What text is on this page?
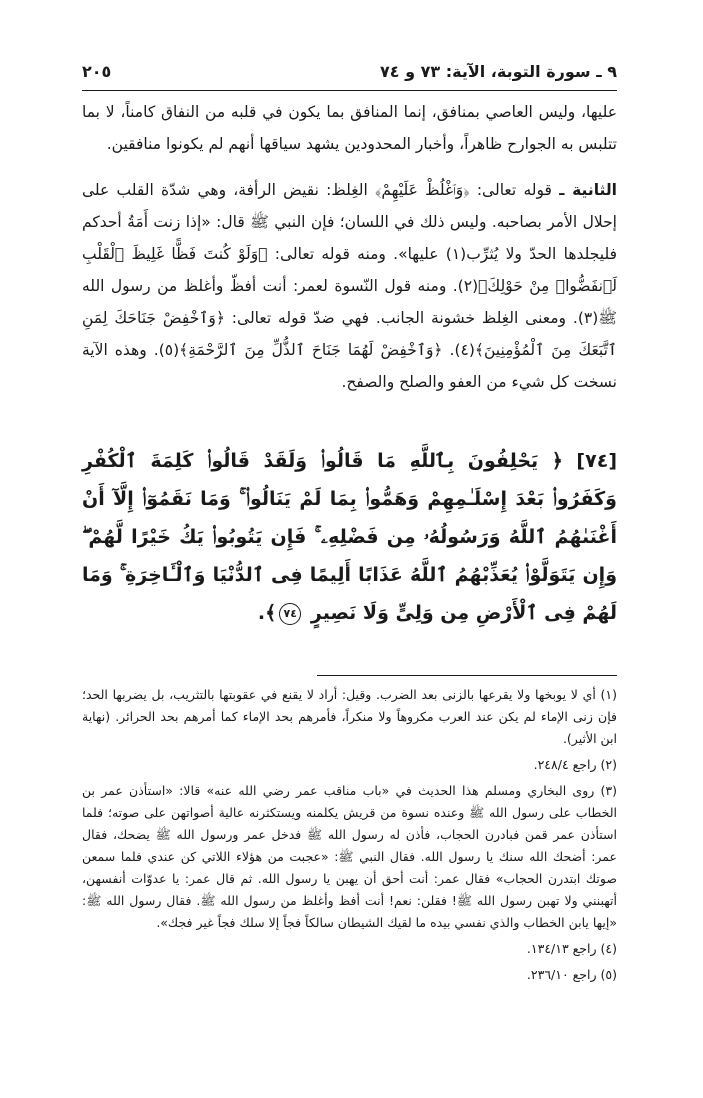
٩ ـ سورة التوبة، الآية: ٧٣ و ٧٤
٢٠٥

عليها، وليس العاصي بمنافق، إنما المنافق بما يكون في قلبه من النفاق كامناً، لا بما تتلبس به الجوارح ظاهراً، وأخبار المحدودين يشهد سياقها أنهم لم يكونوا منافقين.

الثانية ـ قوله تعالى: ﴿وَٱغْلُظْ عَلَيْهِمْ﴾ الغِلظ: نقيض الرأفة، وهي شدّة القلب على إحلال الأمر بصاحبه. وليس ذلك في اللسان؛ فإن النبي ﷺ قال: «إذا زنت أَمَةُ أحدكم فليجلدها الحدّ ولا يُثرِّب(١) عليها». ومنه قوله تعالى: ﴿وَلَوْ كُنتَ فَظًّا غَلِيظَ ٱلْقَلْبِ لَٱنفَضُّوا۟ مِنْ حَوْلِكَ﴾(٢). ومنه قول النّسوة لعمر: أنت أفظّ وأغلظ من رسول الله ﷺ(٣). ومعنى الغِلظ خشونة الجانب. فهي ضدّ قوله تعالى: ﴿وَٱخْفِضْ جَنَاحَكَ لِمَنِ ٱتَّبَعَكَ مِنَ ٱلْمُؤْمِنِينَ﴾(٤). ﴿وَٱخْفِضْ لَهُمَا جَنَاحَ ٱلذُّلِّ مِنَ ٱلرَّحْمَةِ﴾(٥). وهذه الآية نسخت كل شيء من العفو والصلح والصفح.

[٧٤] ﴿ يَحْلِفُونَ بِٱللَّهِ مَا قَالُوا۟ وَلَقَدْ قَالُوا۟ كَلِمَةَ ٱلْكُفْرِ وَكَفَرُوا۟ بَعْدَ إِسْلَـٰمِهِمْ وَهَمُّوا۟ بِمَا لَمْ يَنَالُوا۟ ۚ وَمَا نَقَمُوٓا۟ إِلَّآ أَنْ أَغْنَىٰهُمُ ٱللَّهُ وَرَسُولُهُۥ مِن فَضْلِهِۦ ۚ فَإِن يَتُوبُوا۟ يَكُ خَيْرًا لَّهُمْ ۖ وَإِن يَتَوَلَّوْا۟ يُعَذِّبْهُمُ ٱللَّهُ عَذَابًا أَلِيمًا فِى ٱلدُّنْيَا وَٱلْـَٔاخِرَةِ ۚ وَمَا لَهُمْ فِى ٱلْأَرْضِ مِن وَلِىٍّ وَلَا نَصِيرٍ ٧٤﴾.

(١) أي لا يوبخها ولا يقرعها بالزنى بعد الضرب. وقيل: أراد لا يقنع في عقوبتها بالتثريب، بل يضربها الحد؛ فإن زنى الإماء لم يكن عند العرب مكروهاً ولا منكراً، فأمرهم بحد الإماء كما أمرهم بحد الحرائر. (نهاية ابن الأثير).

(٢) راجع ٢٤٨/٤.

(٣) روى البخاري ومسلم هذا الحديث في «باب مناقب عمر رضي الله عنه» قالا: «استأذن عمر بن الخطاب على رسول الله ﷺ وعنده نسوة من قريش يكلمنه ويستكثرنه عالية أصواتهن على صوته؛ فلما استأذن عمر قمن فبادرن الحجاب، فأذن له رسول الله ﷺ فدخل عمر ورسول الله ﷺ يضحك، فقال عمر: أضحك الله سنك يا رسول الله. فقال النبي ﷺ: «عجبت من هؤلاء اللاتي كن عندي فلما سمعن صوتك ابتدرن الحجاب» فقال عمر: أنت أحق أن يهبن يا رسول الله. ثم قال عمر: يا عدوّات أنفسهن، أتهبنني ولا تهبن رسول الله ﷺ! فقلن: نعم! أنت أفظ وأغلظ من رسول الله ﷺ. فقال رسول الله ﷺ: «إيها يابن الخطاب والذي نفسي بيده ما لقيك الشيطان سالكاً فجاً إلا سلك فجاً غير فجك».

(٤) راجع ١٣٤/١٣.

(٥) راجع ٢٣٦/١٠.
